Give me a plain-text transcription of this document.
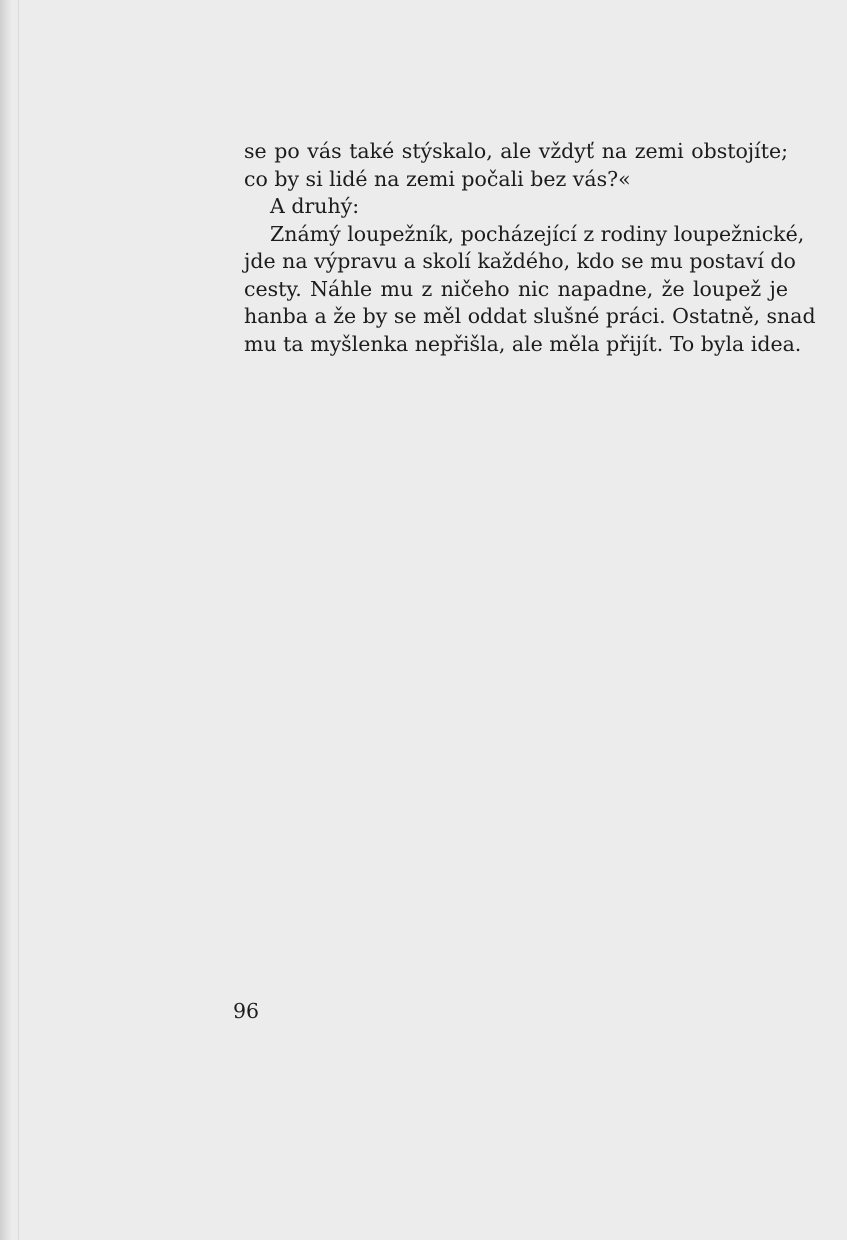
se po vás také stýskalo, ale vždyť na zemi obstojíte;
co by si lidé na zemi počali bez vás?«
A druhý:
Známý loupežník, pocházející z rodiny loupežnické,
jde na výpravu a skolí každého, kdo se mu postaví do
cesty. Náhle mu z ničeho nic napadne, že loupež je
hanba a že by se měl oddat slušné práci. Ostatně, snad
mu ta myšlenka nepřišla, ale měla přijít. To byla idea.
96
